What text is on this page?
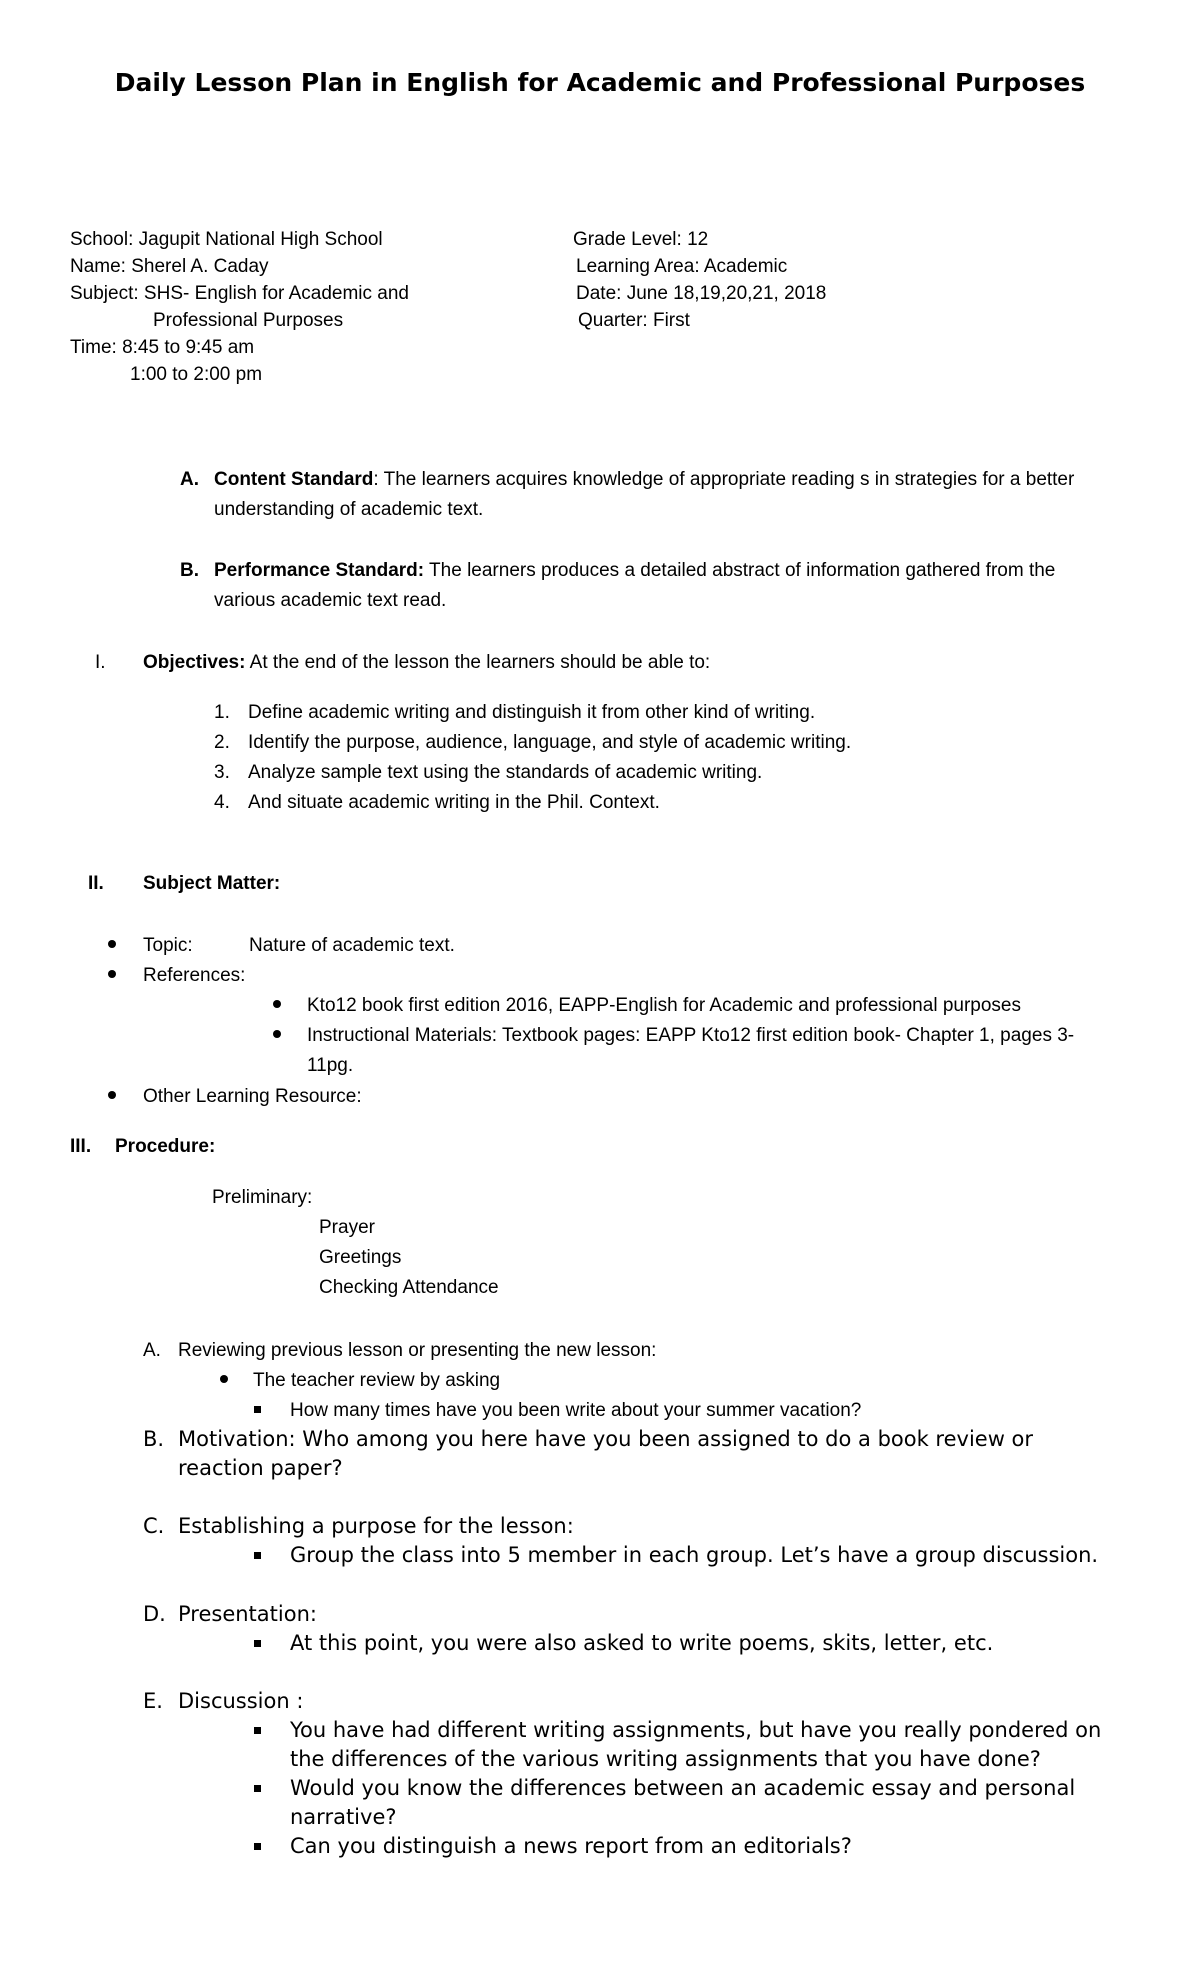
Daily Lesson Plan in English for Academic and Professional Purposes
School: Jagupit National High School
Name: Sherel A. Caday
Subject: SHS- English for Academic and
Professional Purposes
Time: 8:45 to 9:45 am
1:00 to 2:00 pm
Grade Level: 12
Learning Area: Academic
Date: June 18,19,20,21, 2018
Quarter: First
A. Content Standard: The learners acquires knowledge of appropriate reading s in strategies for a better
understanding of academic text.
B. Performance Standard: The learners produces a detailed abstract of information gathered from the
various academic text read.
I. Objectives: At the end of the lesson the learners should be able to:
1. Define academic writing and distinguish it from other kind of writing.
2. Identify the purpose, audience, language, and style of academic writing.
3. Analyze sample text using the standards of academic writing.
4. And situate academic writing in the Phil. Context.
II. Subject Matter:
Topic:	Nature of academic text.
References:
Kto12 book first edition 2016, EAPP-English for Academic and professional purposes
Instructional Materials: Textbook pages: EAPP Kto12 first edition book- Chapter 1, pages 3-
11pg.
Other Learning Resource:
III. Procedure:
Preliminary:
Prayer
Greetings
Checking Attendance
A. Reviewing previous lesson or presenting the new lesson:
The teacher review by asking
How many times have you been write about your summer vacation?
B. Motivation: Who among you here have you been assigned to do a book review or
reaction paper?
C. Establishing a purpose for the lesson:
Group the class into 5 member in each group. Let’s have a group discussion.
D. Presentation:
At this point, you were also asked to write poems, skits, letter, etc.
E. Discussion :
You have had different writing assignments, but have you really pondered on
the differences of the various writing assignments that you have done?
Would you know the differences between an academic essay and personal
narrative?
Can you distinguish a news report from an editorials?
